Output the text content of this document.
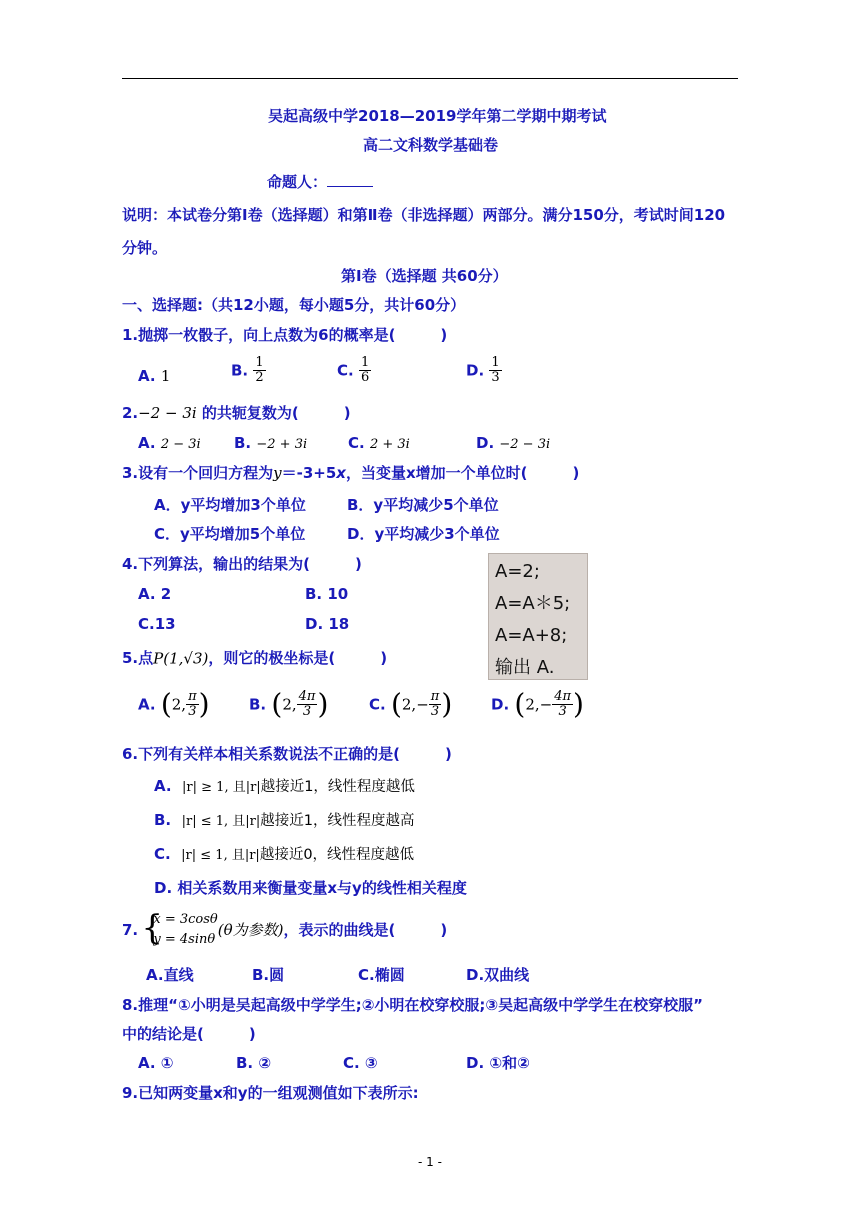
吴起高级中学2018—2019学年第二学期中期考试
高二文科数学基础卷
命题人：
说明：本试卷分第Ⅰ卷（选择题）和第Ⅱ卷（非选择题）两部分。满分150分，考试时间120
分钟。
第Ⅰ卷（选择题 共60分）
一、选择题:（共12小题，每小题5分，共计60分）
1.抛掷一枚骰子，向上点数为6的概率是(　　　)
A. 1	B. $\frac{1}{2}$	C. $\frac{1}{6}$	D. $\frac{1}{3}$
2.−2 − 3i 的共轭复数为(　　　)
A. 2 − 3i B. −2 + 3i	C. 2 + 3i	D. −2 − 3i
3.设有一个回归方程为y＝-3+5x，当变量x增加一个单位时(　　　)
A．y平均增加3个单位	B．y平均减少5个单位
C．y平均增加5个单位	D．y平均减少3个单位
4.下列算法，输出的结果为(　　　)
A. 2	B. 10
C.13	D. 18
A=2;
A=A＊5;
A=A+8;
输出 A.
5.点P(1,√3)，则它的极坐标是(　　　)
A. (2, $\frac{\pi}{3}$ )	B. (2, $\frac{4\pi}{3}$ )	C. ($2,- \frac{\pi}{3}$ )	D. ($2,- \frac{4\pi}{3}$ )
6.下列有关样本相关系数说法不正确的是(　　　)
A. |r| ≥ 1, 且|r|越接近1，线性程度越低
B. |r| ≤ 1, 且|r|越接近1，线性程度越高
C. |r| ≤ 1, 且|r|越接近0，线性程度越低
D. 相关系数用来衡量变量x与y的线性相关程度
7. {
x = 3cosθ
y = 4sinθ
(θ为参数)，表示的曲线是(　　　)
A.直线	B.圆	C.椭圆	D.双曲线
8.推理“①小明是吴起高级中学学生;②小明在校穿校服;③吴起高级中学学生在校穿校服”
中的结论是(　　　)
A. ①	B. ②	C. ③	D. ①和②
9.已知两变量x和y的一组观测值如下表所示:
- 1 -
